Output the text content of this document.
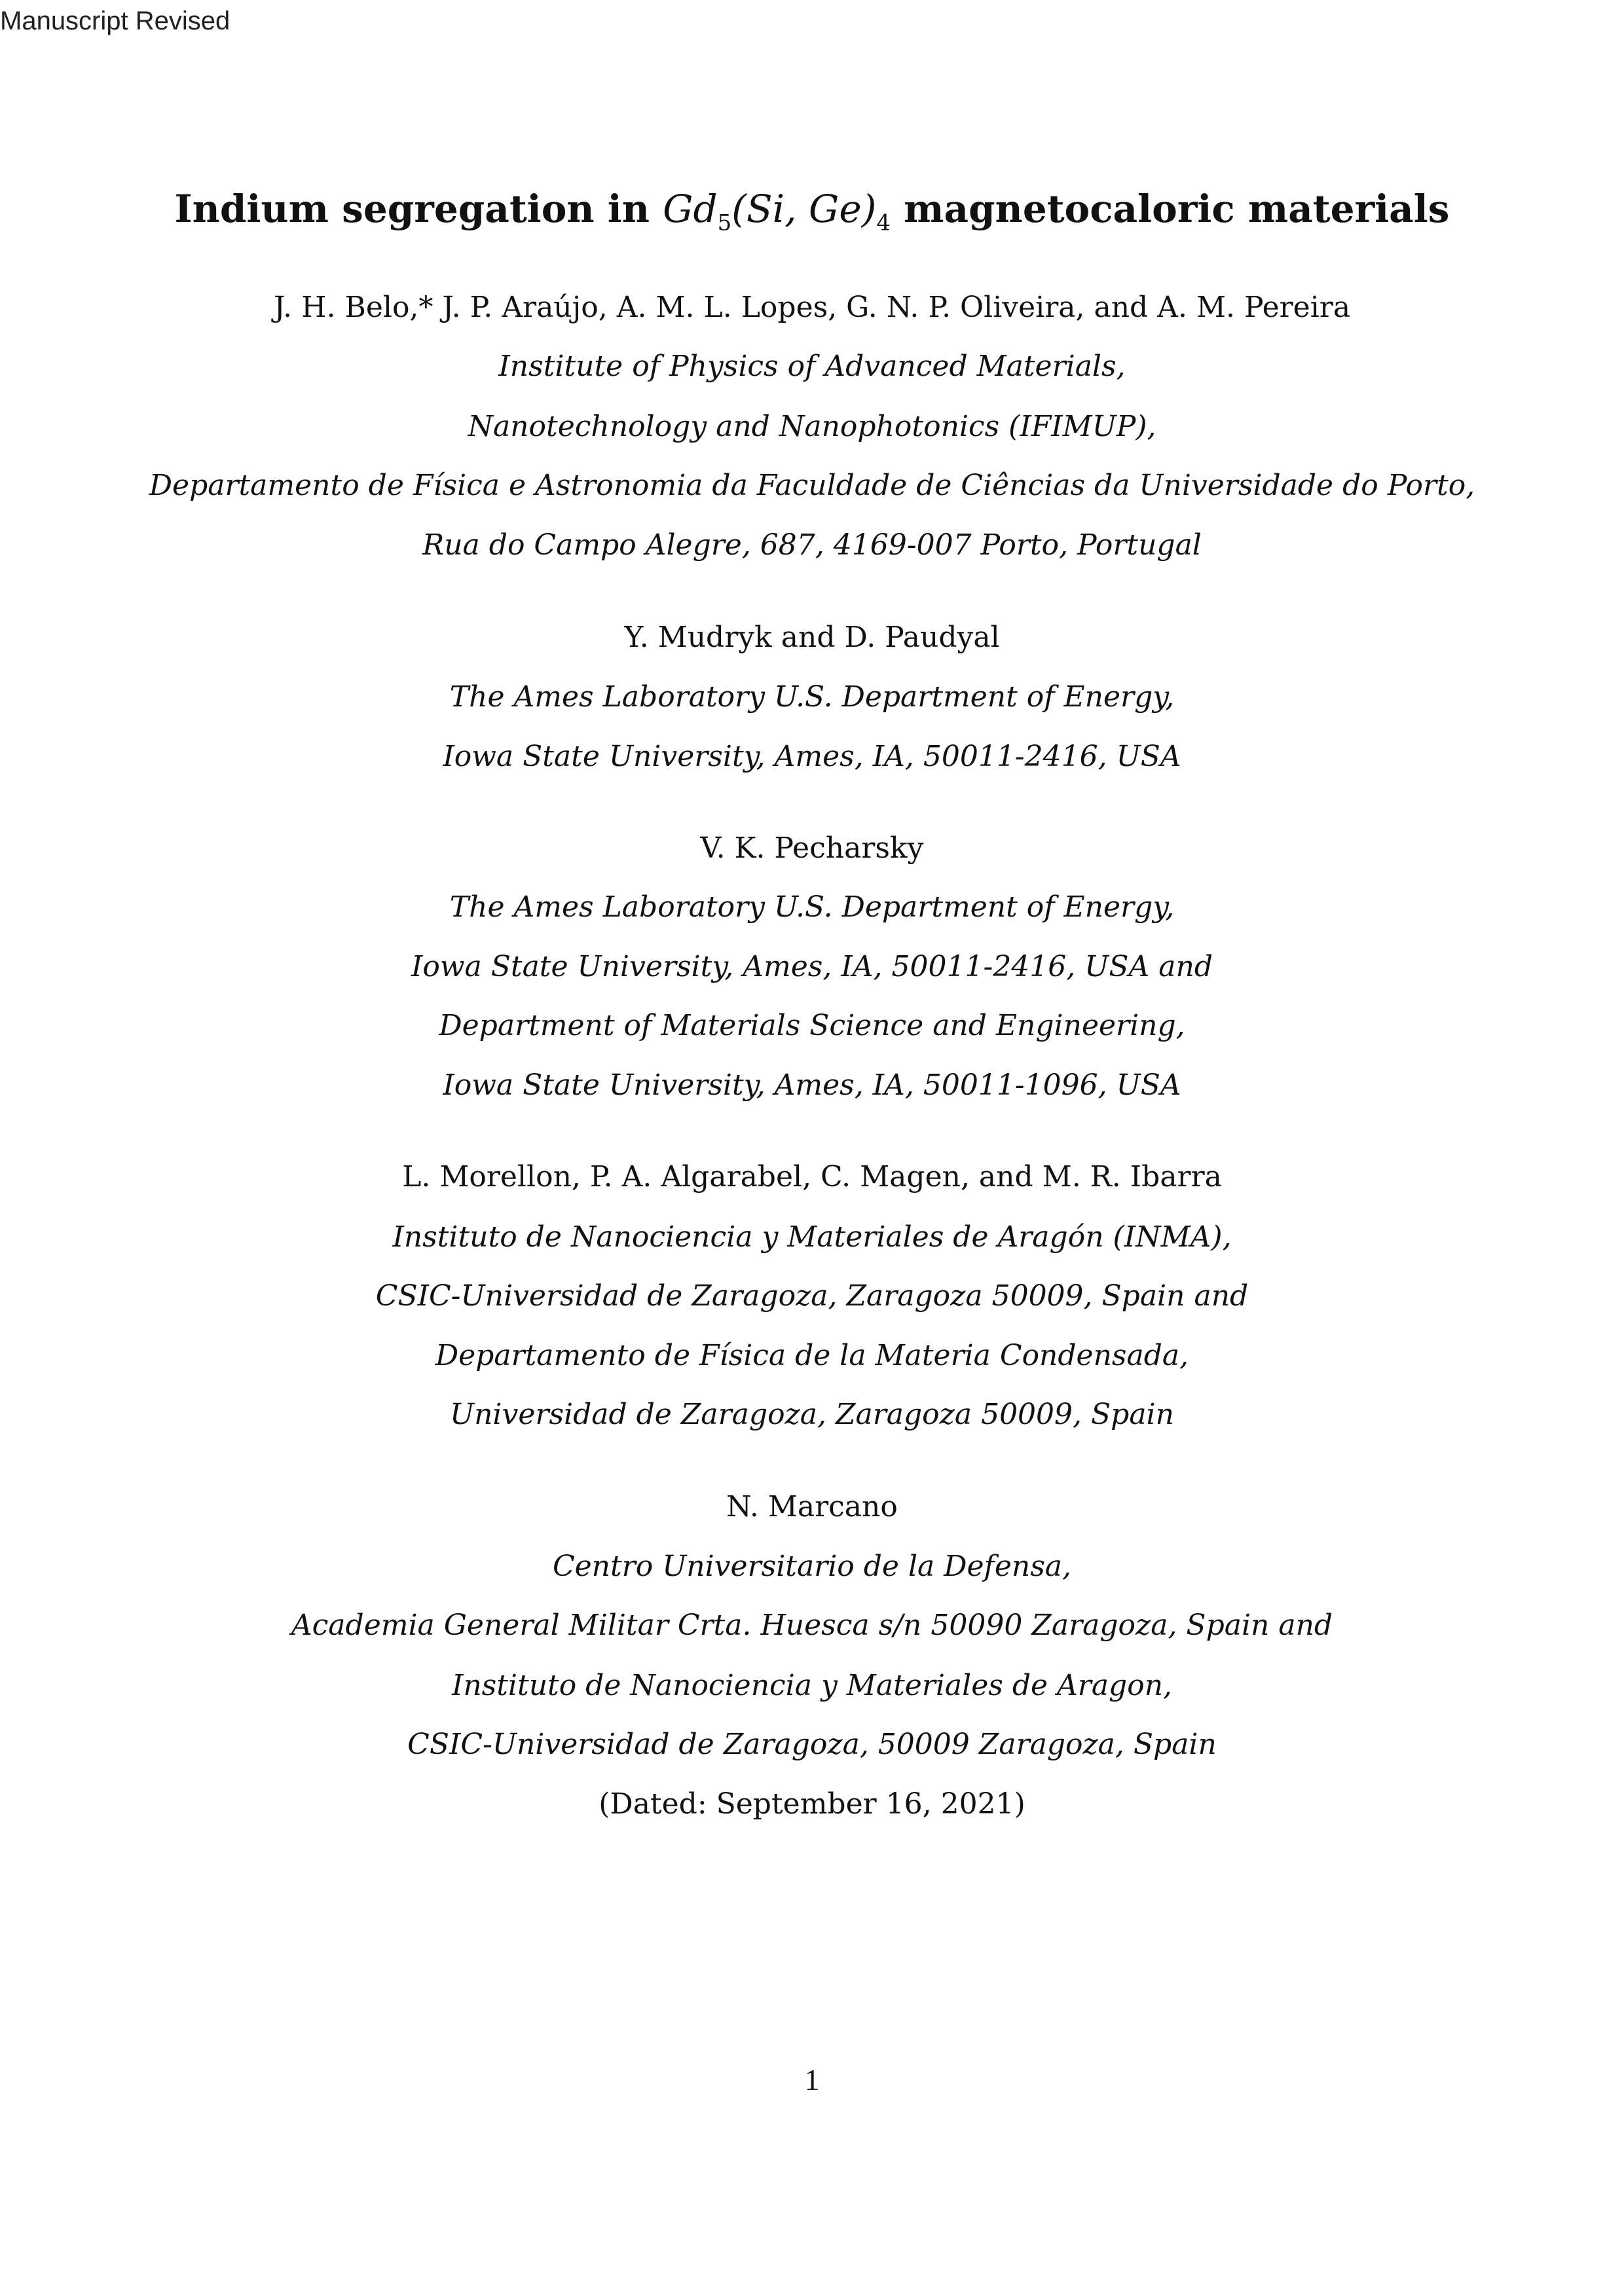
Manuscript Revised
Indium segregation in $Gd_5(Si$, $Ge)_4$ magnetocaloric materials
J. H. Belo,* J. P. Araújo, A. M. L. Lopes, G. N. P. Oliveira, and A. M. Pereira
Institute of Physics of Advanced Materials,
Nanotechnology and Nanophotonics (IFIMUP),
Departamento de Física e Astronomia da Faculdade de Ciências da Universidade do Porto,
Rua do Campo Alegre, 687, 4169-007 Porto, Portugal
Y. Mudryk and D. Paudyal
The Ames Laboratory U.S. Department of Energy,
Iowa State University, Ames, IA, 50011-2416, USA
V. K. Pecharsky
The Ames Laboratory U.S. Department of Energy,
Iowa State University, Ames, IA, 50011-2416, USA and
Department of Materials Science and Engineering,
Iowa State University, Ames, IA, 50011-1096, USA
L. Morellon, P. A. Algarabel, C. Magen, and M. R. Ibarra
Instituto de Nanociencia y Materiales de Aragón (INMA),
CSIC-Universidad de Zaragoza, Zaragoza 50009, Spain and
Departamento de Física de la Materia Condensada,
Universidad de Zaragoza, Zaragoza 50009, Spain
N. Marcano
Centro Universitario de la Defensa,
Academia General Militar Crta. Huesca s/n 50090 Zaragoza, Spain and
Instituto de Nanociencia y Materiales de Aragon,
CSIC-Universidad de Zaragoza, 50009 Zaragoza, Spain
(Dated: September 16, 2021)
1
